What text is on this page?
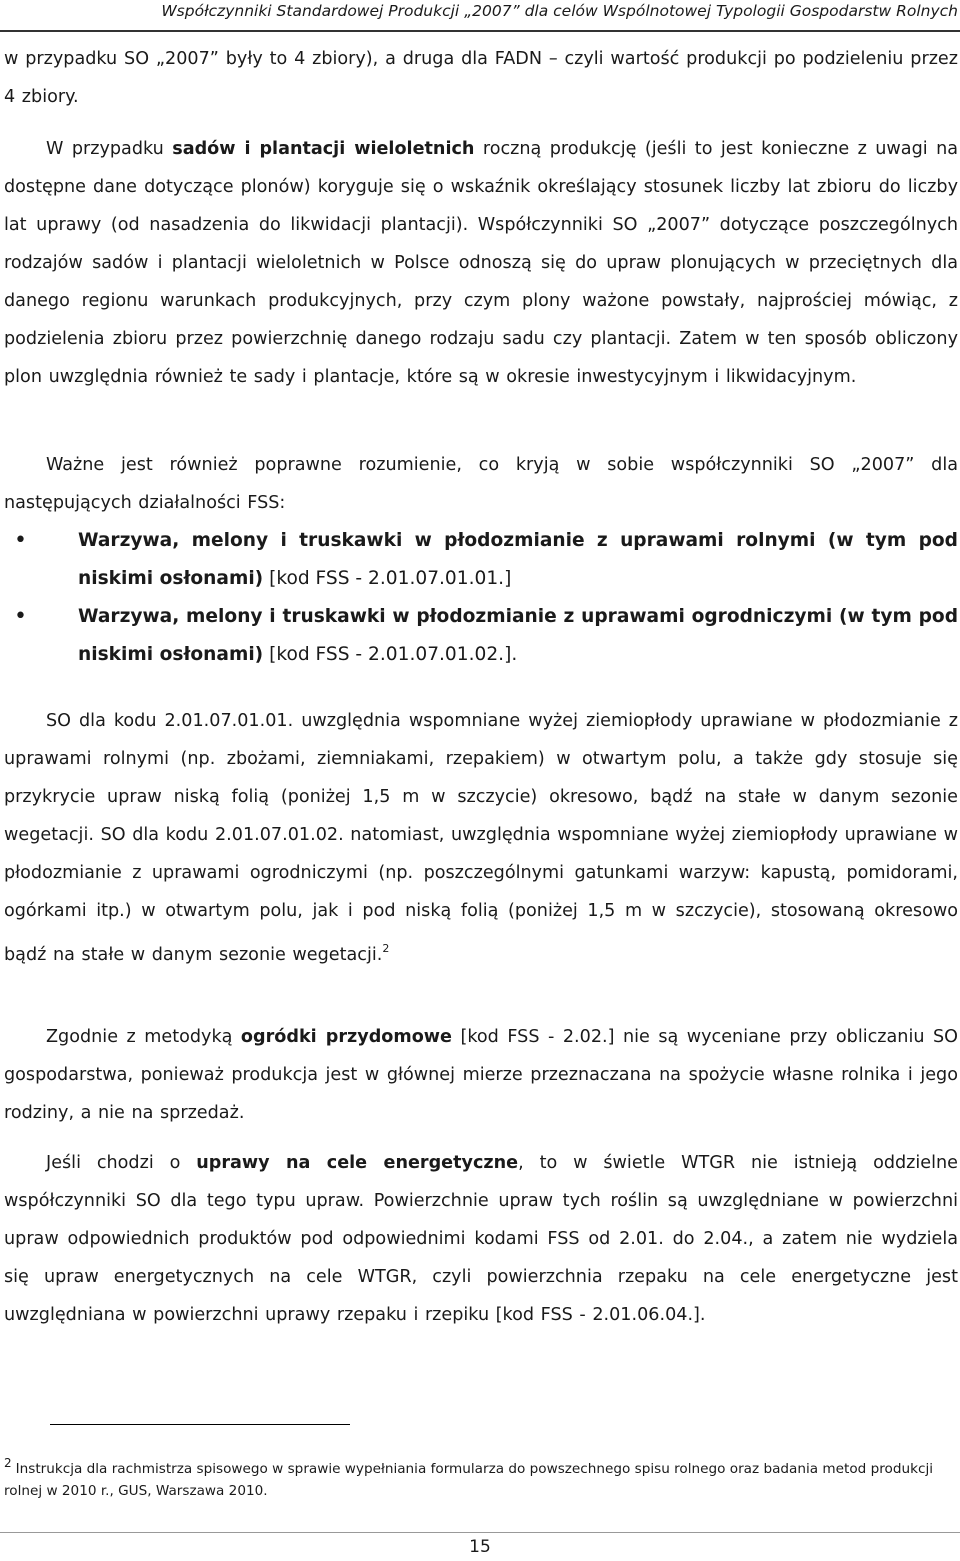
Współczynniki Standardowej Produkcji „2007” dla celów Wspólnotowej Typologii Gospodarstw Rolnych
w przypadku SO „2007” były to 4 zbiory), a druga dla FADN – czyli wartość produkcji po podzieleniu przez 4 zbiory.
W przypadku sadów i plantacji wieloletnich roczną produkcję (jeśli to jest konieczne z uwagi na dostępne dane dotyczące plonów) koryguje się o wskaźnik określający stosunek liczby lat zbioru do liczby lat uprawy (od nasadzenia do likwidacji plantacji). Współczynniki SO „2007” dotyczące poszczególnych rodzajów sadów i plantacji wieloletnich w Polsce odnoszą się do upraw plonujących w przeciętnych dla danego regionu warunkach produkcyjnych, przy czym plony ważone powstały, najprościej mówiąc, z podzielenia zbioru przez powierzchnię danego rodzaju sadu czy plantacji. Zatem w ten sposób obliczony plon uwzględnia również te sady i plantacje, które są w okresie inwestycyjnym i likwidacyjnym.
Ważne jest również poprawne rozumienie, co kryją w sobie współczynniki SO „2007” dla następujących działalności FSS:
•	Warzywa, melony i truskawki w płodozmianie z uprawami rolnymi (w tym pod niskimi osłonami) [kod FSS - 2.01.07.01.01.]
•	Warzywa, melony i truskawki w płodozmianie z uprawami ogrodniczymi (w tym pod niskimi osłonami) [kod FSS - 2.01.07.01.02.].
SO dla kodu 2.01.07.01.01. uwzględnia wspomniane wyżej ziemiopłody uprawiane w płodozmianie z uprawami rolnymi (np. zbożami, ziemniakami, rzepakiem) w otwartym polu, a także gdy stosuje się przykrycie upraw niską folią (poniżej 1,5 m w szczycie) okresowo, bądź na stałe w danym sezonie wegetacji. SO dla kodu 2.01.07.01.02. natomiast, uwzględnia wspomniane wyżej ziemiopłody uprawiane w płodozmianie z uprawami ogrodniczymi (np. poszczególnymi gatunkami warzyw: kapustą, pomidorami, ogórkami itp.) w otwartym polu, jak i pod niską folią (poniżej 1,5 m w szczycie), stosowaną okresowo bądź na stałe w danym sezonie wegetacji.$^2$
Zgodnie z metodyką ogródki przydomowe [kod FSS - 2.02.] nie są wyceniane przy obliczaniu SO gospodarstwa, ponieważ produkcja jest w głównej mierze przeznaczana na spożycie własne rolnika i jego rodziny, a nie na sprzedaż.
Jeśli chodzi o uprawy na cele energetyczne, to w świetle WTGR nie istnieją oddzielne współczynniki SO dla tego typu upraw. Powierzchnie upraw tych roślin są uwzględniane w powierzchni upraw odpowiednich produktów pod odpowiednimi kodami FSS od 2.01. do 2.04., a zatem nie wydziela się upraw energetycznych na cele WTGR, czyli powierzchnia rzepaku na cele energetyczne jest uwzględniana w powierzchni uprawy rzepaku i rzepiku [kod FSS - 2.01.06.04.].
$^2$ Instrukcja dla rachmistrza spisowego w sprawie wypełniania formularza do powszechnego spisu rolnego oraz badania metod produkcji rolnej w 2010 r., GUS, Warszawa 2010.
15
